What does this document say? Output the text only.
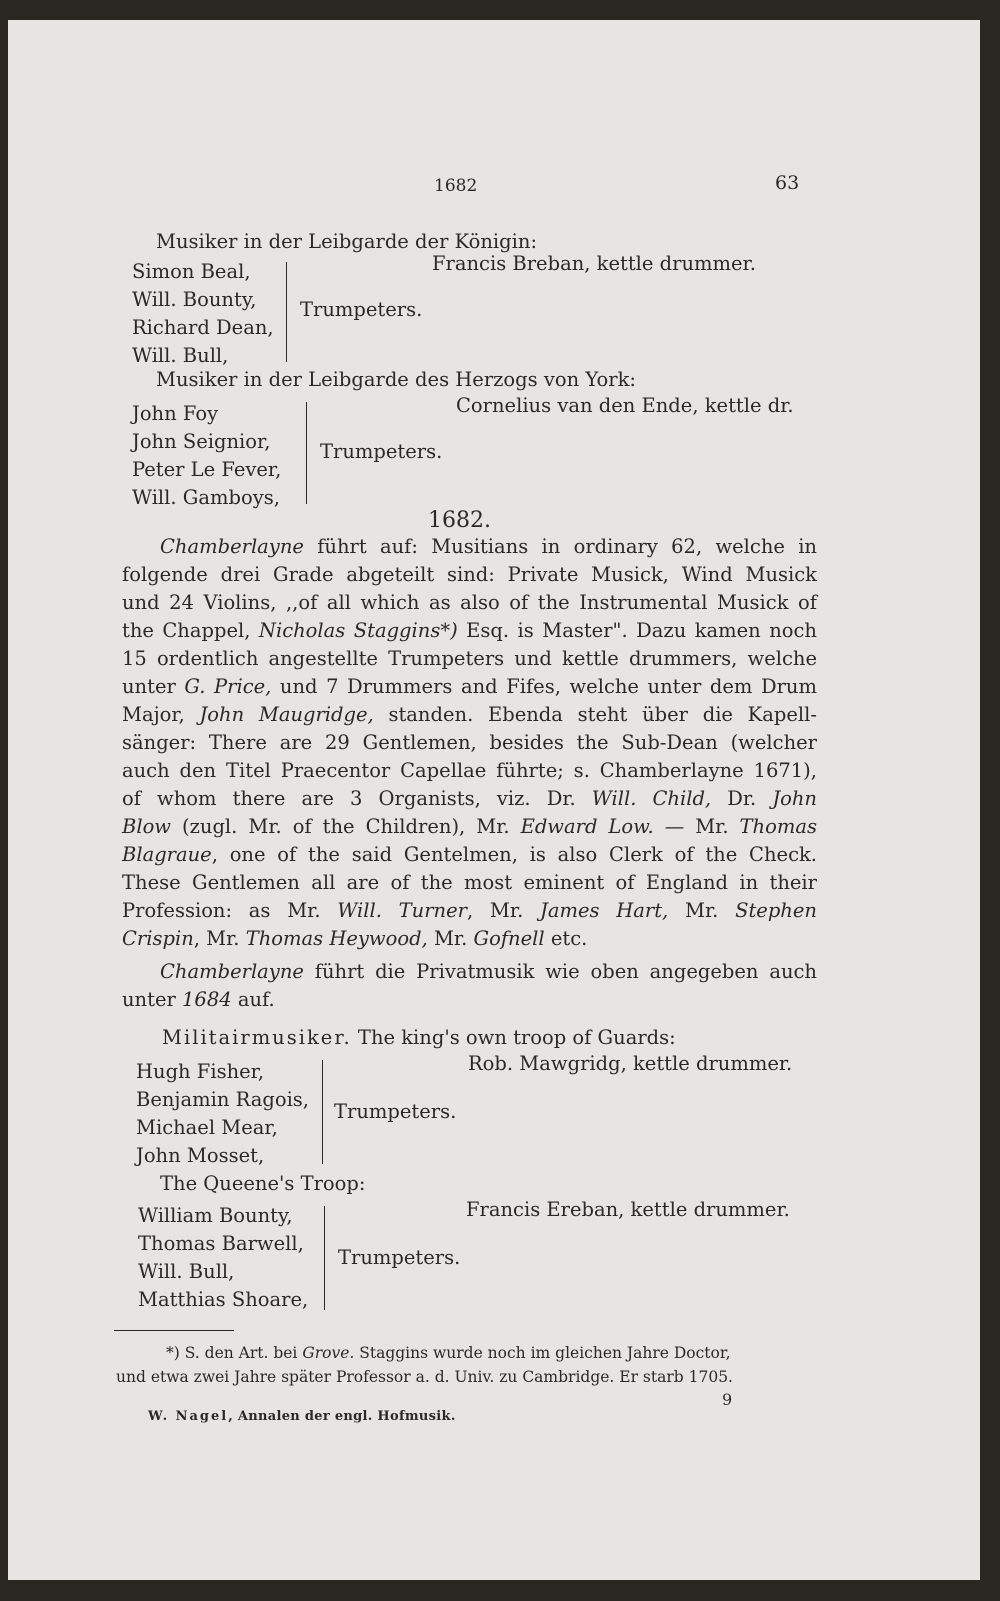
1682	63
Musiker in der Leibgarde der Königin:
Simon Beal,
Will. Bounty,
Richard Dean,
Will. Bull,
Trumpeters.
Francis Breban, kettle drummer.
Musiker in der Leibgarde des Herzogs von York:
John Foy
John Seignior,
Peter Le Fever,
Will. Gamboys,
Trumpeters.
Cornelius van den Ende, kettle dr.
1682.
Chamberlayne führt auf: Musitians in ordinary 62, welche in
folgende drei Grade abgeteilt sind: Private Musick, Wind Musick
und 24 Violins, ,,of all which as also of the Instrumental Musick of
the Chappel, Nicholas Staggins*) Esq. is Master". Dazu kamen noch
15 ordentlich angestellte Trumpeters und kettle drummers, welche
unter G. Price, und 7 Drummers and Fifes, welche unter dem Drum
Major, John Maugridge, standen. Ebenda steht über die Kapell-
sänger: There are 29 Gentlemen, besides the Sub-Dean (welcher
auch den Titel Praecentor Capellae führte; s. Chamberlayne 1671),
of whom there are 3 Organists, viz. Dr. Will. Child, Dr. John
Blow (zugl. Mr. of the Children), Mr. Edward Low. — Mr. Thomas
Blagraue, one of the said Gentelmen, is also Clerk of the Check.
These Gentlemen all are of the most eminent of England in their
Profession: as Mr. Will. Turner, Mr. James Hart, Mr. Stephen
Crispin, Mr. Thomas Heywood, Mr. Gofnell etc.
Chamberlayne führt die Privatmusik wie oben angegeben auch
unter 1684 auf.
Militairmusiker. The king's own troop of Guards:
Hugh Fisher,
Benjamin Ragois,
Michael Mear,
John Mosset,
Trumpeters.
Rob. Mawgridg, kettle drummer.
The Queene's Troop:
William Bounty,
Thomas Barwell,
Will. Bull,
Matthias Shoare,
Trumpeters.
Francis Ereban, kettle drummer.
*) S. den Art. bei Grove. Staggins wurde noch im gleichen Jahre Doctor,
und etwa zwei Jahre später Professor a. d. Univ. zu Cambridge. Er starb 1705.
9
W. Nagel, Annalen der engl. Hofmusik.
